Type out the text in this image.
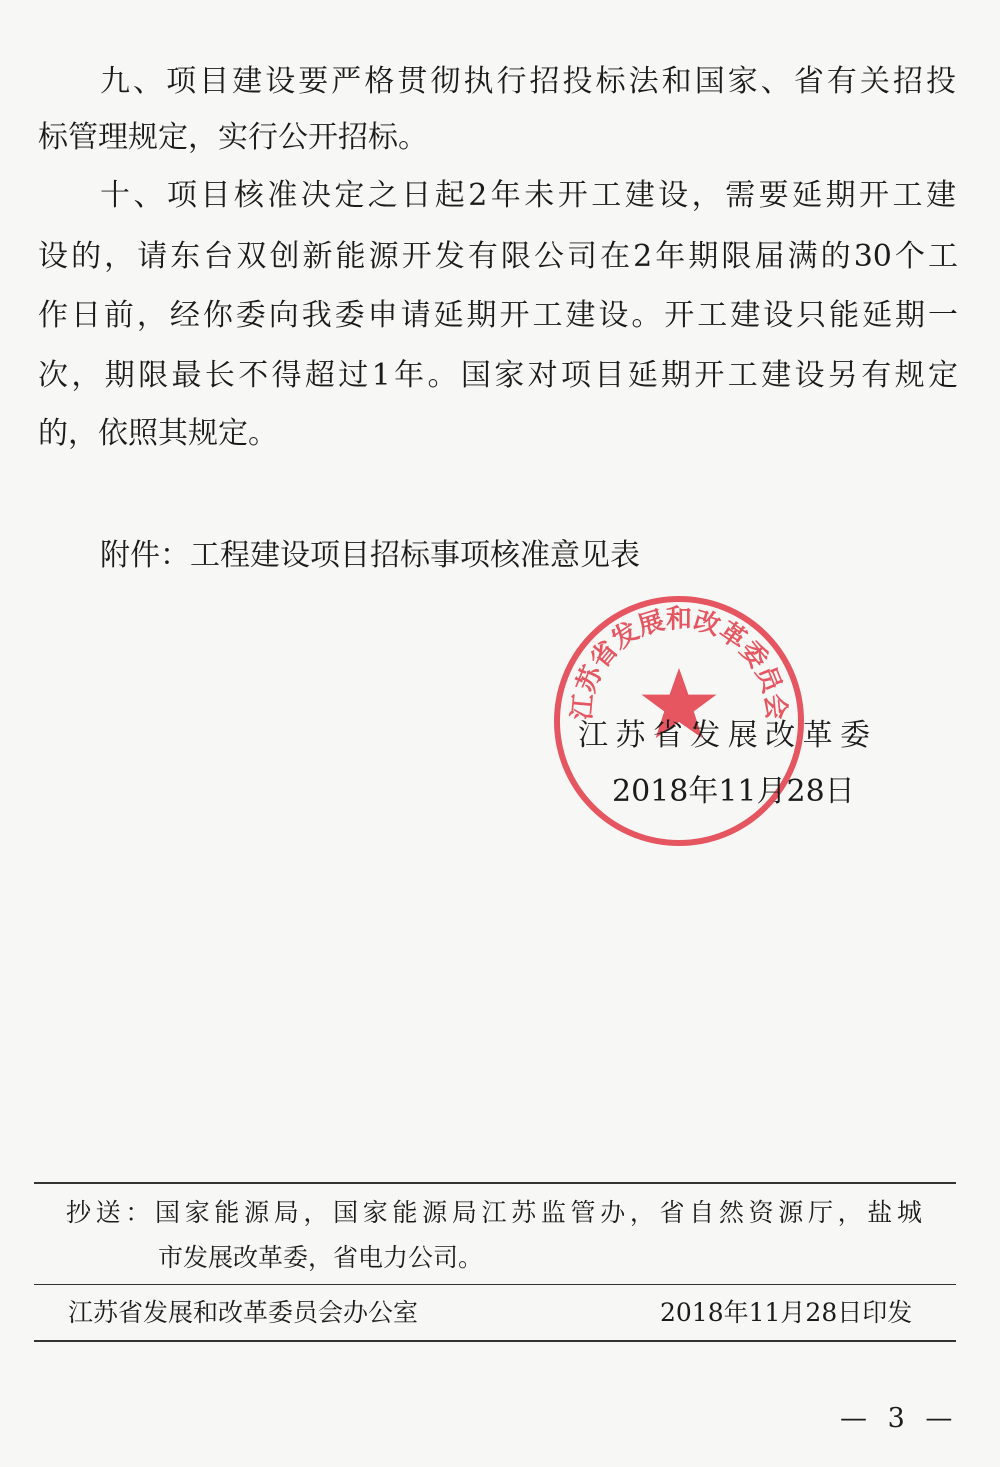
九、项目建设要严格贯彻执行招投标法和国家、省有关招投
标管理规定，实行公开招标。
十、项目核准决定之日起2年未开工建设，需要延期开工建
设的，请东台双创新能源开发有限公司在2年期限届满的30个工
作日前，经你委向我委申请延期开工建设。开工建设只能延期一
次，期限最长不得超过1年。国家对项目延期开工建设另有规定
的，依照其规定。
附件：工程建设项目招标事项核准意见表
江苏省发展和改革委员会
江苏省发展改革委
2018年11月28日
抄送：国家能源局，国家能源局江苏监管办，省自然资源厅，盐城
市发展改革委，省电力公司。
江苏省发展和改革委员会办公室	2018年11月28日印发
— 3 —
